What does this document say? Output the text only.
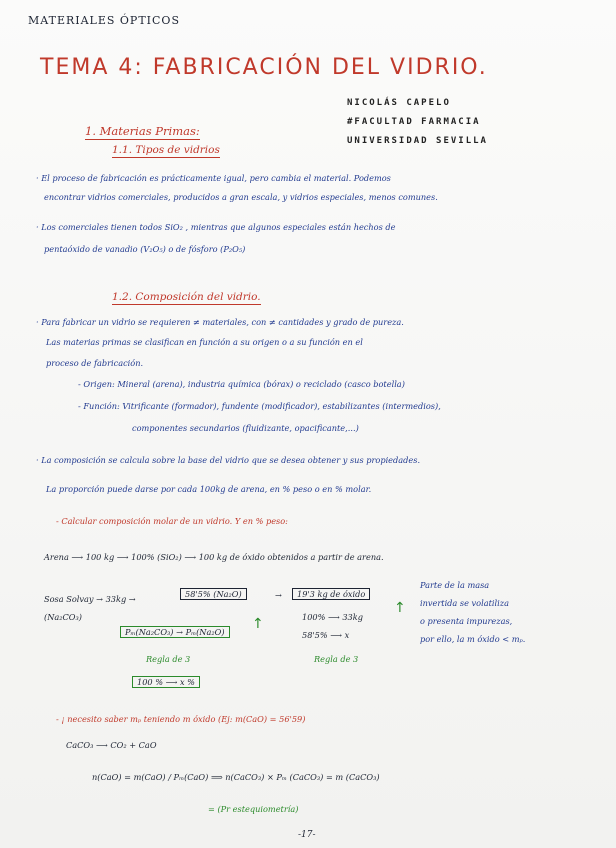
MATERIALES ÓPTICOS
TEMA 4: FABRICACIÓN DEL VIDRIO.
NICOLÁS CAPELO
#FACULTAD FARMACIA
UNIVERSIDAD SEVILLA
1. Materias Primas:
1.1. Tipos de vidrios
· El proceso de fabricación es prácticamente igual, pero cambia el material. Podemos
encontrar vidrios comerciales, producidos a gran escala, y vidrios especiales, menos comunes.
· Los comerciales tienen todos SiO₂ , mientras que algunos especiales están hechos de
pentaóxido de vanadio (V₂O₅) o de fósforo (P₂O₅)
1.2. Composición del vidrio.
· Para fabricar un vidrio se requieren ≠ materiales, con ≠ cantidades y grado de pureza.
Las materias primas se clasifican en función a su origen o a su función en el
proceso de fabricación.
- Origen: Mineral (arena), industria química (bórax) o reciclado (casco botella)
- Función: Vitrificante (formador), fundente (modificador), estabilizantes (intermedios),
componentes secundarios (fluidizante, opacificante,...)
· La composición se calcula sobre la base del vidrio que se desea obtener y sus propiedades.
La proporción puede darse por cada 100kg de arena, en % peso o en % molar.
- Calcular composición molar de un vidrio. Y en % peso:
Arena ⟶ 100 kg ⟶ 100% (SiO₂) ⟶ 100 kg de óxido obtenidos a partir de arena.
Sosa Solvay → 33kg →
(Na₂CO₃)
58'5% (Na₂O)	→	19'3 kg de óxido
↑
↑
Pₘ(Na₂CO₃) → Pₘ(Na₂O)
Regla de 3
100 % ⟶ x %
100% ⟶ 33kg
58'5% ⟶ x
Regla de 3
Parte de la masa
invertida se volatiliza
o presenta impurezas,
por ello, la m óxido < mₚ.
- ¡ necesito saber mₚ teniendo m óxido (Ej: m(CaO) = 56'59)
CaCO₃ ⟶ CO₂ + CaO
n(CaO) = m(CaO) / Pₘ(CaO) ⟹ n(CaCO₃) × Pₘ (CaCO₃) = m (CaCO₃)
= (Pr estequiometría)
-17-
